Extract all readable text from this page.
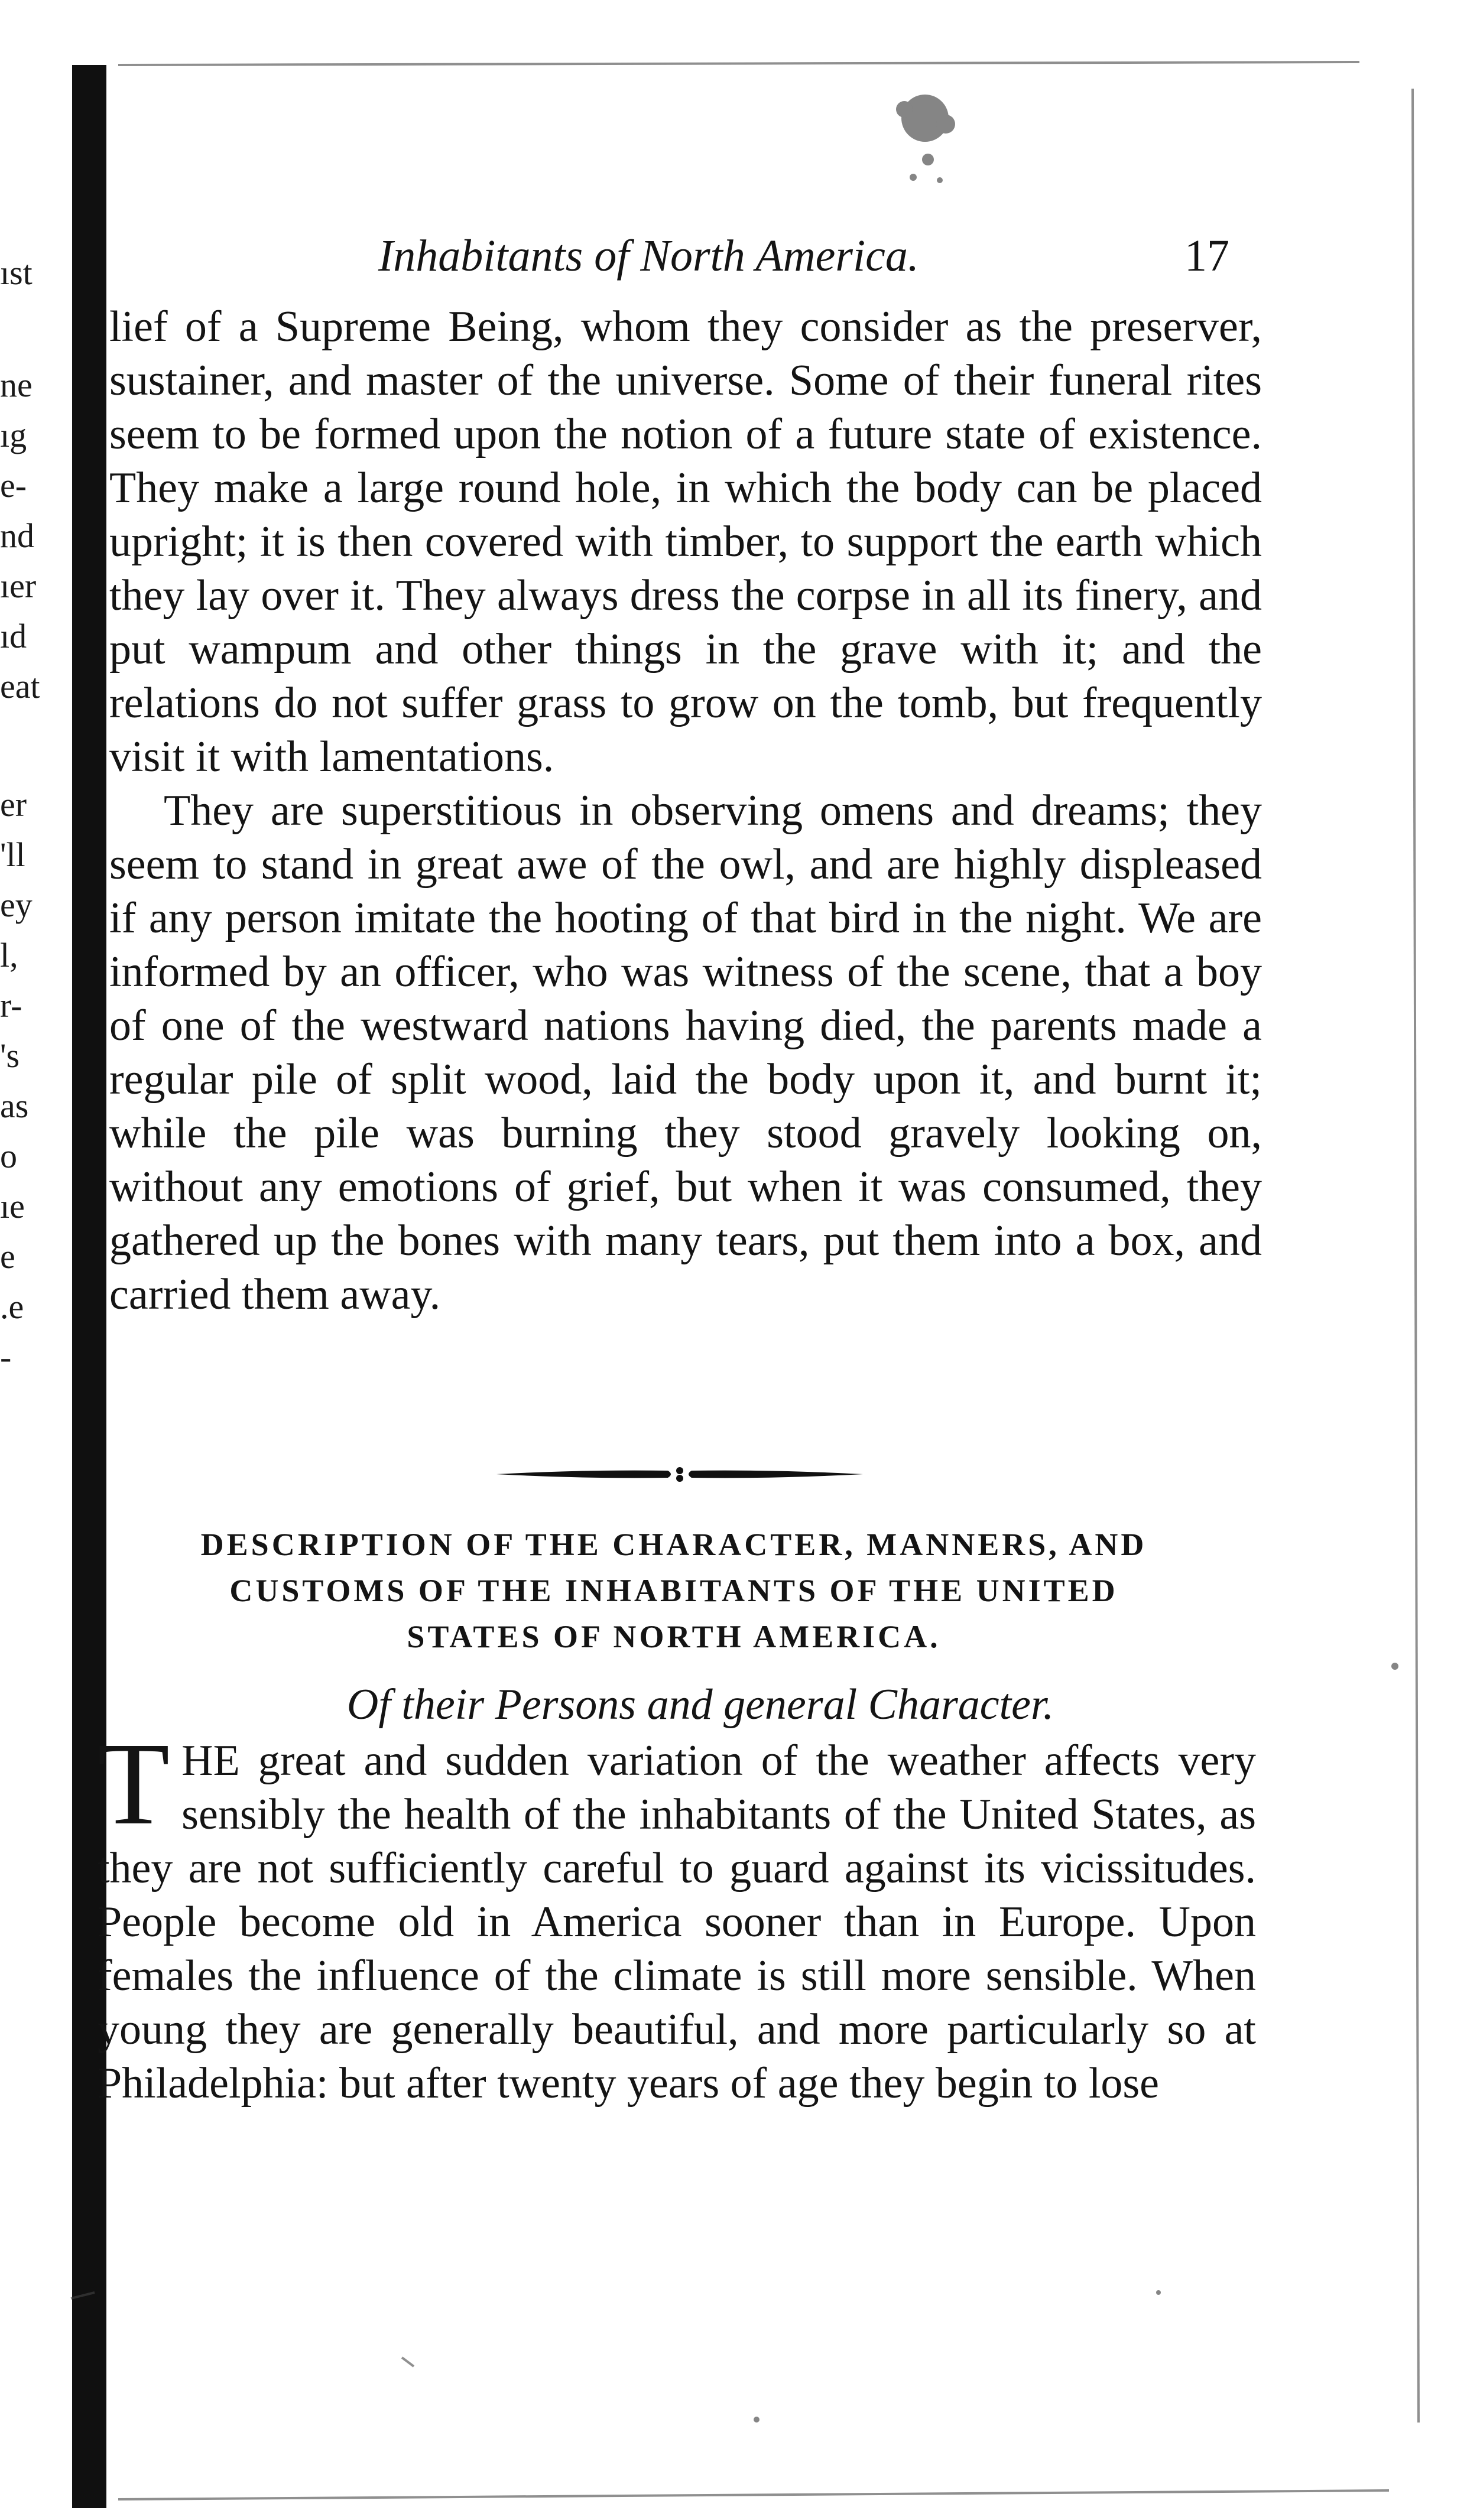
ıst
ne
ıg
e-
nd
ıer
ıd
eat
er
'll
ey
l,
r-
's
as
o
ıe
e
.e
-
Inhabitants of North America.	17

lief of a Supreme Being, whom they consider as the preserver, sustainer, and master of the universe. Some of their funeral rites seem to be formed upon the notion of a future state of existence. They make a large round hole, in which the body can be placed upright; it is then covered with timber, to support the earth which they lay over it. They always dress the corpse in all its finery, and put wampum and other things in the grave with it; and the relations do not suffer grass to grow on the tomb, but frequently visit it with lamentations.

They are superstitious in observing omens and dreams; they seem to stand in great awe of the owl, and are highly displeased if any person imitate the hooting of that bird in the night. We are informed by an officer, who was witness of the scene, that a boy of one of the westward nations having died, the parents made a regular pile of split wood, laid the body upon it, and burnt it; while the pile was burning they stood gravely looking on, without any emotions of grief, but when it was consumed, they gathered up the bones with many tears, put them into a box, and carried them away.

DESCRIPTION OF THE CHARACTER, MANNERS, AND
CUSTOMS OF THE INHABITANTS OF THE UNITED
STATES OF NORTH AMERICA.
Of their Persons and general Character.

THE great and sudden variation of the weather affects very sensibly the health of the inhabitants of the United States, as they are not sufficiently careful to guard against its vicissitudes. People become old in America sooner than in Europe. Upon females the influence of the climate is still more sensible. When young they are generally beautiful, and more particularly so at Philadelphia: but after twenty years of age they begin to lose
